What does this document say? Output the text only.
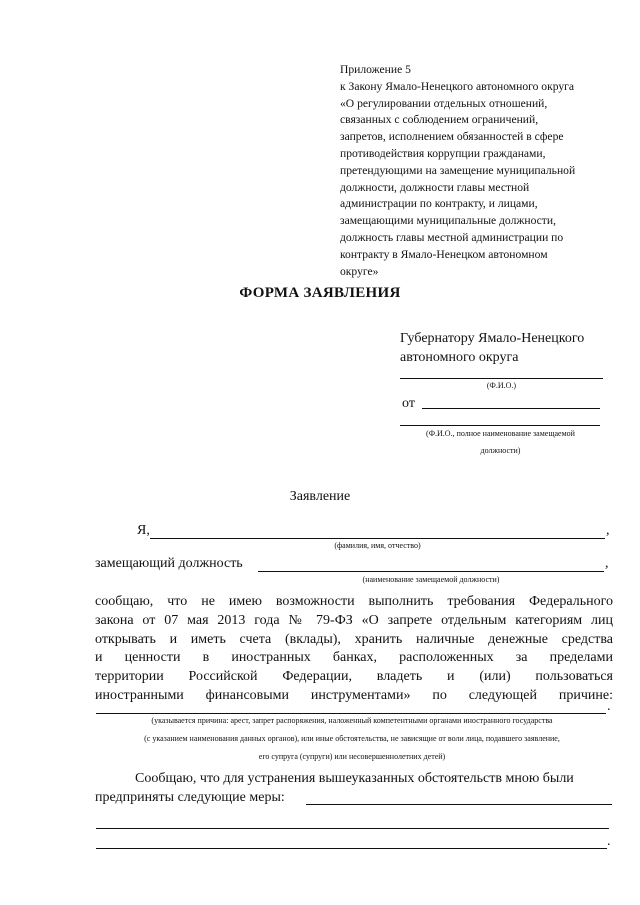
Приложение 5
к Закону Ямало-Ненецкого автономного округа
«О регулировании отдельных отношений,
связанных с соблюдением ограничений,
запретов, исполнением обязанностей в сфере
противодействия коррупции гражданами,
претендующими на замещение муниципальной
должности, должности главы местной
администрации по контракту, и лицами,
замещающими муниципальные должности,
должность главы местной администрации по
контракту в Ямало-Ненецком автономном
округе»
ФОРМА ЗАЯВЛЕНИЯ
Губернатору Ямало-Ненецкого
автономного округа
(Ф.И.О.)
от
(Ф.И.О., полное наименование замещаемой
должности)
Заявление
Я,	,
(фамилия, имя, отчество)
замещающий должность	,
(наименование замещаемой должности)
сообщаю, что не имею возможности выполнить требования Федерального
закона от 07 мая 2013 года № 79-ФЗ «О запрете отдельным категориям лиц
открывать и иметь счета (вклады), хранить наличные денежные средства
и ценности в иностранных банках, расположенных за пределами
территории Российской Федерации, владеть и (или) пользоваться
иностранными финансовыми инструментами» по следующей причине:
.
(указывается причина: арест, запрет распоряжения, наложенный компетентными органами иностранного государства
(с указанием наименования данных органов), или иные обстоятельства, не зависящие от воли лица, подавшего заявление,
его супруга (супруги) или несовершеннолетних детей)
Сообщаю, что для устранения вышеуказанных обстоятельств мною были
предприняты следующие меры:
.
